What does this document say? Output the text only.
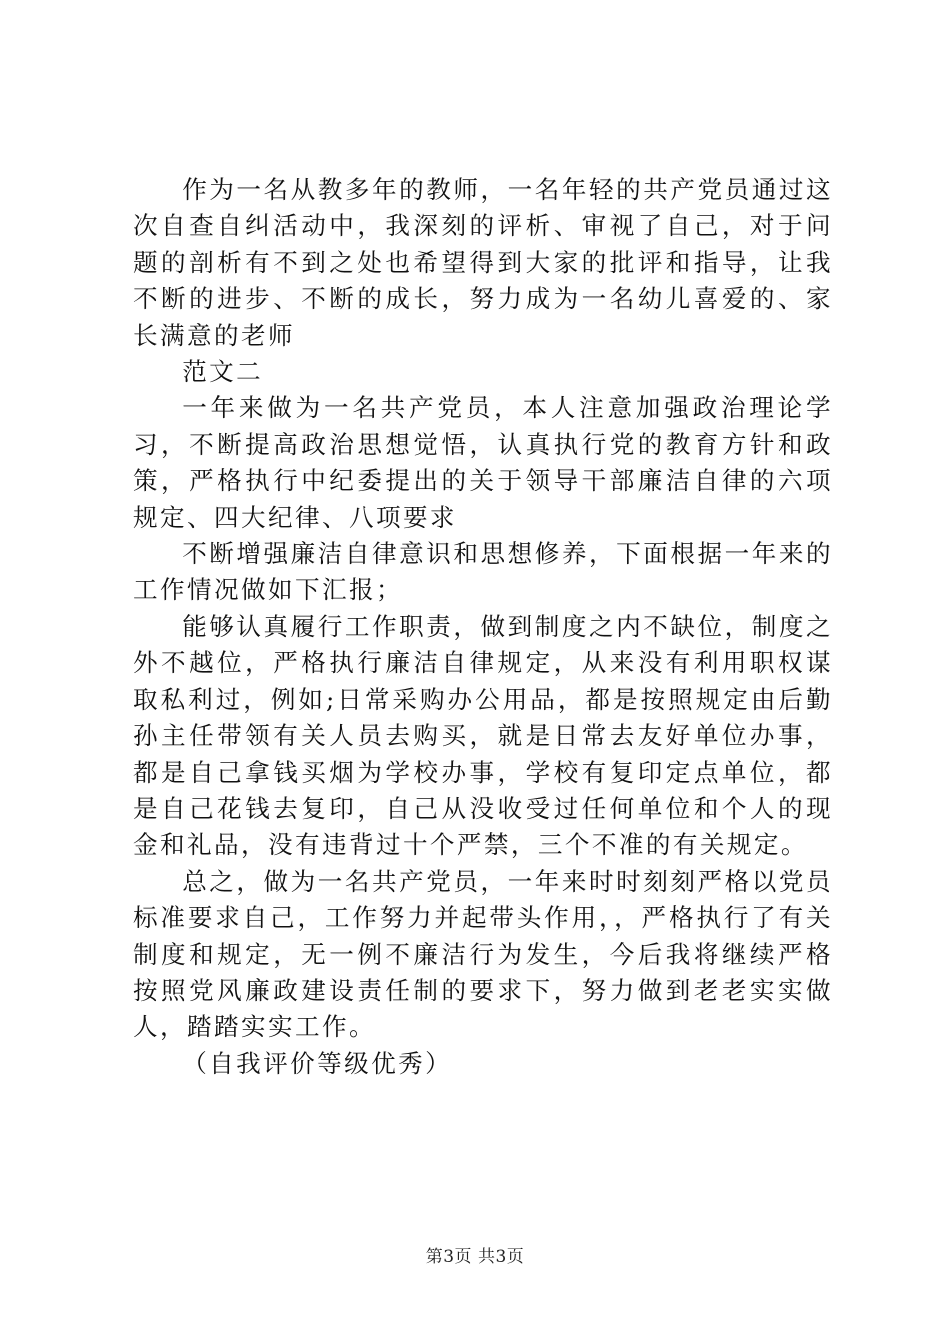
作为一名从教多年的教师，一名年轻的共产党员通过这次自查自纠活动中，我深刻的评析、审视了自己，对于问题的剖析有不到之处也希望得到大家的批评和指导，让我不断的进步、不断的成长，努力成为一名幼儿喜爱的、家长满意的老师

范文二

一年来做为一名共产党员，本人注意加强政治理论学习，不断提高政治思想觉悟，认真执行党的教育方针和政策，严格执行中纪委提出的关于领导干部廉洁自律的六项规定、四大纪律、八项要求

不断增强廉洁自律意识和思想修养，下面根据一年来的工作情况做如下汇报；

能够认真履行工作职责，做到制度之内不缺位，制度之外不越位，严格执行廉洁自律规定，从来没有利用职权谋取私利过，例如;日常采购办公用品，都是按照规定由后勤孙主任带领有关人员去购买，就是日常去友好单位办事，都是自己拿钱买烟为学校办事，学校有复印定点单位，都是自己花钱去复印，自己从没收受过任何单位和个人的现金和礼品，没有违背过十个严禁，三个不准的有关规定。

总之，做为一名共产党员，一年来时时刻刻严格以党员标准要求自己，工作努力并起带头作用，，严格执行了有关制度和规定，无一例不廉洁行为发生，今后我将继续严格按照党风廉政建设责任制的要求下，努力做到老老实实做人，踏踏实实工作。

（自我评价等级优秀）

第3页 共3页
